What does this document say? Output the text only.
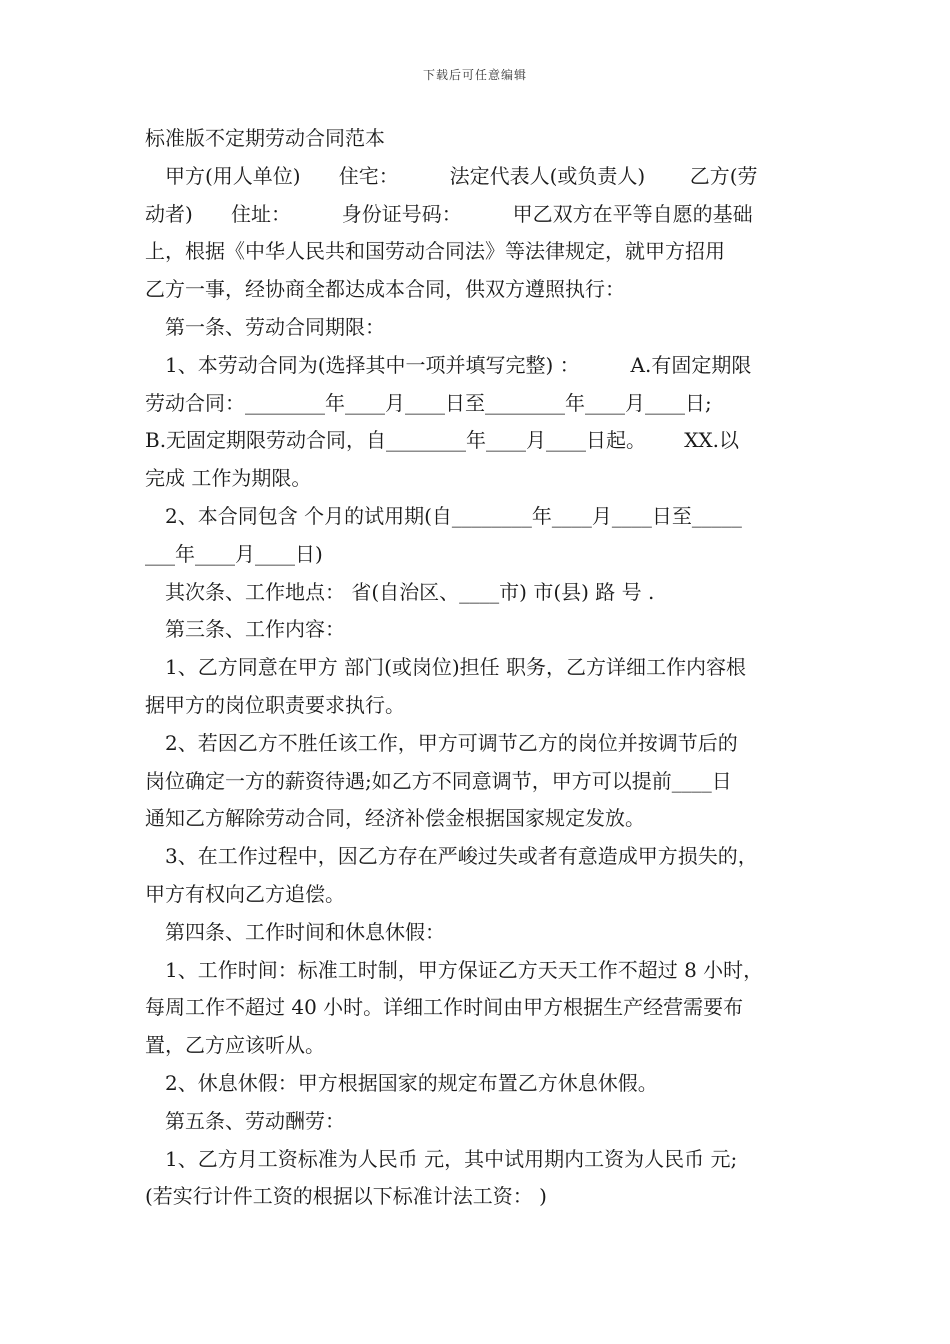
下载后可任意编辑
标准版不定期劳动合同范本
甲方(用人单位)      住宅：        法定代表人(或负责人)       乙方(劳
动者)      住址：        身份证号码：        甲乙双方在平等自愿的基础
上，根据《中华人民共和国劳动合同法》等法律规定，就甲方招用
乙方一事，经协商全都达成本合同，供双方遵照执行：
第一条、劳动合同期限：
1、本劳动合同为(选择其中一项并填写完整) ：        A.有固定期限
劳动合同：________年____月____日至________年____月____日;
B.无固定期限劳动合同，自________年____月____日起。      XX.以
完成 工作为期限。
2、本合同包含 个月的试用期(自________年____月____日至_____
___年____月____日)
其次条、工作地点： 省(自治区、____市) 市(县) 路 号 .
第三条、工作内容：
1、乙方同意在甲方 部门(或岗位)担任 职务，乙方详细工作内容根
据甲方的岗位职责要求执行。
2、若因乙方不胜任该工作，甲方可调节乙方的岗位并按调节后的
岗位确定一方的薪资待遇;如乙方不同意调节，甲方可以提前____日
通知乙方解除劳动合同，经济补偿金根据国家规定发放。
3、在工作过程中，因乙方存在严峻过失或者有意造成甲方损失的，
甲方有权向乙方追偿。
第四条、工作时间和休息休假：
1、工作时间：标准工时制，甲方保证乙方天天工作不超过 8 小时，
每周工作不超过 40 小时。详细工作时间由甲方根据生产经营需要布
置，乙方应该听从。
2、休息休假：甲方根据国家的规定布置乙方休息休假。
第五条、劳动酬劳：
1、乙方月工资标准为人民币 元，其中试用期内工资为人民币 元;
(若实行计件工资的根据以下标准计法工资： )
